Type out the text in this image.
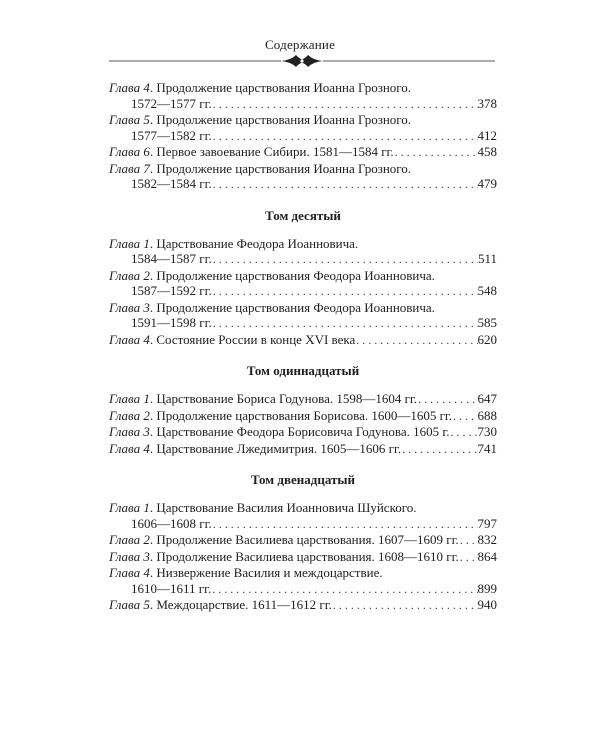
Содержание
Глава 4. Продолжение царствования Иоанна Грозного.
1572—1577 гг. . . .	378
Глава 5. Продолжение царствования Иоанна Грозного.
1577—1582 гг. . . .	412
Глава 6. Первое завоевание Сибири. 1581—1584 гг. . . .	458
Глава 7. Продолжение царствования Иоанна Грозного.
1582—1584 гг. . . .	479
Том десятый
Глава 1. Царствование Феодора Иоанновича.
1584—1587 гг. . . .	511
Глава 2. Продолжение царствования Феодора Иоанновича.
1587—1592 гг. . . .	548
Глава 3. Продолжение царствования Феодора Иоанновича.
1591—1598 гг. . . .	585
Глава 4. Состояние России в конце XVI века . . .	620
Том одиннадцатый
Глава 1. Царствование Бориса Годунова. 1598—1604 гг. . . .	647
Глава 2. Продолжение царствования Борисова. 1600—1605 гг. . . . 688
Глава 3. Царствование Феодора Борисовича Годунова. 1605 г. . . . 730
Глава 4. Царствование Лжедимитрия. 1605—1606 гг. . . .	741
Том двенадцатый
Глава 1. Царствование Василия Иоанновича Шуйского.
1606—1608 гг. . . .	797
Глава 2. Продолжение Василиева царствования. 1607—1609 гг. . . . 832
Глава 3. Продолжение Василиева царствования. 1608—1610 гг. . . . 864
Глава 4. Низвержение Василия и междоцарствие.
1610—1611 гг. . . .	899
Глава 5. Междоцарствие. 1611—1612 гг. . . .	940
